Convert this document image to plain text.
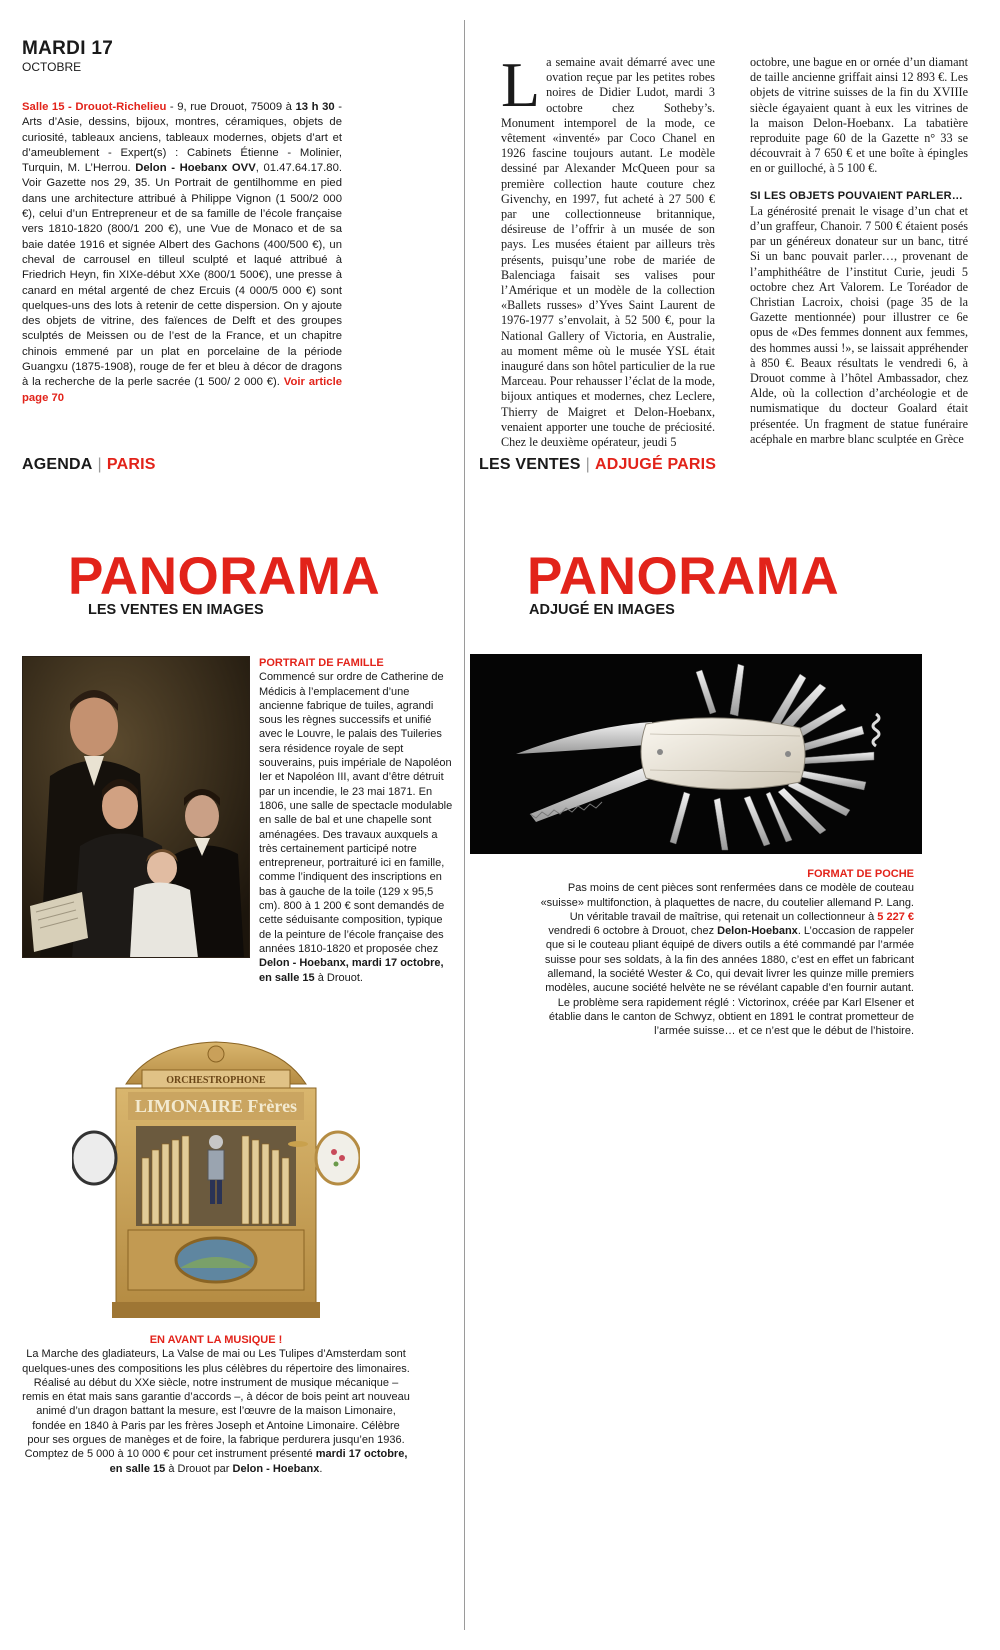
MARDI 17
OCTOBRE
Salle 15 - Drouot-Richelieu - 9, rue Drouot, 75009 à 13 h 30 - Arts d’Asie, dessins, bijoux, montres, céramiques, objets de curiosité, tableaux anciens, tableaux modernes, objets d’art et d’ameublement - Expert(s) : Cabinets Étienne - Molinier, Turquin, M. L’Herrou. Delon - Hoebanx OVV, 01.47.64.17.80. Voir Gazette nos 29, 35. Un Portrait de gentilhomme en pied dans une architecture attribué à Philippe Vignon (1 500/2 000 €), celui d’un Entrepreneur et de sa famille de l’école française vers 1810-1820 (800/1 200 €), une Vue de Monaco et de sa baie datée 1916 et signée Albert des Gachons (400/500 €), un cheval de carrousel en tilleul sculpté et laqué attribué à Friedrich Heyn, fin XIXe-début XXe (800/1 500€), une presse à canard en métal argenté de chez Ercuis (4 000/5 000 €) sont quelques-uns des lots à retenir de cette dispersion. On y ajoute des objets de vitrine, des faïences de Delft et des groupes sculptés de Meissen ou de l’est de la France, et un chapitre chinois emmené par un plat en porcelaine de la période Guangxu (1875-1908), rouge de fer et bleu à décor de dragons à la recherche de la perle sacrée (1 500/ 2 000 €). Voir article page 70
La semaine avait démarré avec une ovation reçue par les petites robes noires de Didier Ludot, mardi 3 octobre chez Sotheby’s. Monument intemporel de la mode, ce vêtement «inventé» par Coco Chanel en 1926 fascine toujours autant. Le modèle dessiné par Alexander McQueen pour sa première collection haute couture chez Givenchy, en 1997, fut acheté à 27 500 € par une collectionneuse britannique, désireuse de l’offrir à un musée de son pays. Les musées étaient par ailleurs très présents, puisqu’une robe de mariée de Balenciaga faisait ses valises pour l’Amérique et un modèle de la collection «Ballets russes» d’Yves Saint Laurent de 1976-1977 s’envolait, à 52 500 €, pour la National Gallery of Victoria, en Australie, au moment même où le musée YSL était inauguré dans son hôtel particulier de la rue Marceau. Pour rehausser l’éclat de la mode, bijoux antiques et modernes, chez Leclere, Thierry de Maigret et Delon-Hoebanx, venaient apporter une touche de préciosité. Chez le deuxième opérateur, jeudi 5
octobre, une bague en or ornée d’un diamant de taille ancienne griffait ainsi 12 893 €. Les objets de vitrine suisses de la fin du XVIIIe siècle égayaient quant à eux les vitrines de la maison Delon-Hoebanx. La tabatière reproduite page 60 de la Gazette n° 33 se découvrait à 7 650 € et une boîte à épingles en or guilloché, à 5 100 €.
SI LES OBJETS POUVAIENT PARLER…
La générosité prenait le visage d’un chat et d’un graffeur, Chanoir. 7 500 € étaient posés par un généreux donateur sur un banc, titré Si un banc pouvait parler…, provenant de l’amphithéâtre de l’institut Curie, jeudi 5 octobre chez Art Valorem. Le Toréador de Christian Lacroix, choisi (page 35 de la Gazette mentionnée) pour illustrer ce 6e opus de «Des femmes donnent aux femmes, des hommes aussi !», se laissait appréhender à 850 €. Beaux résultats le vendredi 6, à Drouot comme à l’hôtel Ambassador, chez Alde, où la collection d’archéologie et de numismatique du docteur Goalard était présentée. Un fragment de statue funéraire acéphale en marbre blanc sculptée en Grèce
AGENDA | PARIS	LES VENTES | ADJUGÉ PARIS
PANORAMA
LES VENTES EN IMAGES
PANORAMA
ADJUGÉ EN IMAGES
PORTRAIT DE FAMILLE
Commencé sur ordre de Catherine de Médicis à l’emplacement d’une ancienne fabrique de tuiles, agrandi sous les règnes successifs et unifié avec le Louvre, le palais des Tuileries sera résidence royale de sept souverains, puis impériale de Napoléon Ier et Napoléon III, avant d’être détruit par un incendie, le 23 mai 1871. En 1806, une salle de spectacle modulable en salle de bal et une chapelle sont aménagées. Des travaux auxquels a très certainement participé notre entrepreneur, portraituré ici en famille, comme l’indiquent des inscriptions en bas à gauche de la toile (129 x 95,5 cm). 800 à 1 200 € sont demandés de cette séduisante composition, typique de la peinture de l’école française des années 1810-1820 et proposée chez Delon - Hoebanx, mardi 17 octobre, en salle 15 à Drouot.
ORCHESTROPHONE
LIMONAIRE Frères
EN AVANT LA MUSIQUE !
La Marche des gladiateurs, La Valse de mai ou Les Tulipes d’Amsterdam sont quelques-unes des compositions les plus célèbres du répertoire des limonaires. Réalisé au début du XXe siècle, notre instrument de musique mécanique – remis en état mais sans garantie d’accords –, à décor de bois peint art nouveau animé d’un dragon battant la mesure, est l’œuvre de la maison Limonaire, fondée en 1840 à Paris par les frères Joseph et Antoine Limonaire. Célèbre pour ses orgues de manèges et de foire, la fabrique perdurera jusqu’en 1936. Comptez de 5 000 à 10 000 € pour cet instrument présenté mardi 17 octobre, en salle 15 à Drouot par Delon - Hoebanx.
FORMAT DE POCHE
Pas moins de cent pièces sont renfermées dans ce modèle de couteau «suisse» multifonction, à plaquettes de nacre, du coutelier allemand P. Lang. Un véritable travail de maîtrise, qui retenait un collectionneur à 5 227 € vendredi 6 octobre à Drouot, chez Delon-Hoebanx. L’occasion de rappeler que si le couteau pliant équipé de divers outils a été commandé par l’armée suisse pour ses soldats, à la fin des années 1880, c’est en effet un fabricant allemand, la société Wester & Co, qui devait livrer les quinze mille premiers modèles, aucune société helvète ne se révélant capable d’en fournir autant. Le problème sera rapidement réglé : Victorinox, créée par Karl Elsener et établie dans le canton de Schwyz, obtient en 1891 le contrat prometteur de l’armée suisse… et ce n’est que le début de l’histoire.
